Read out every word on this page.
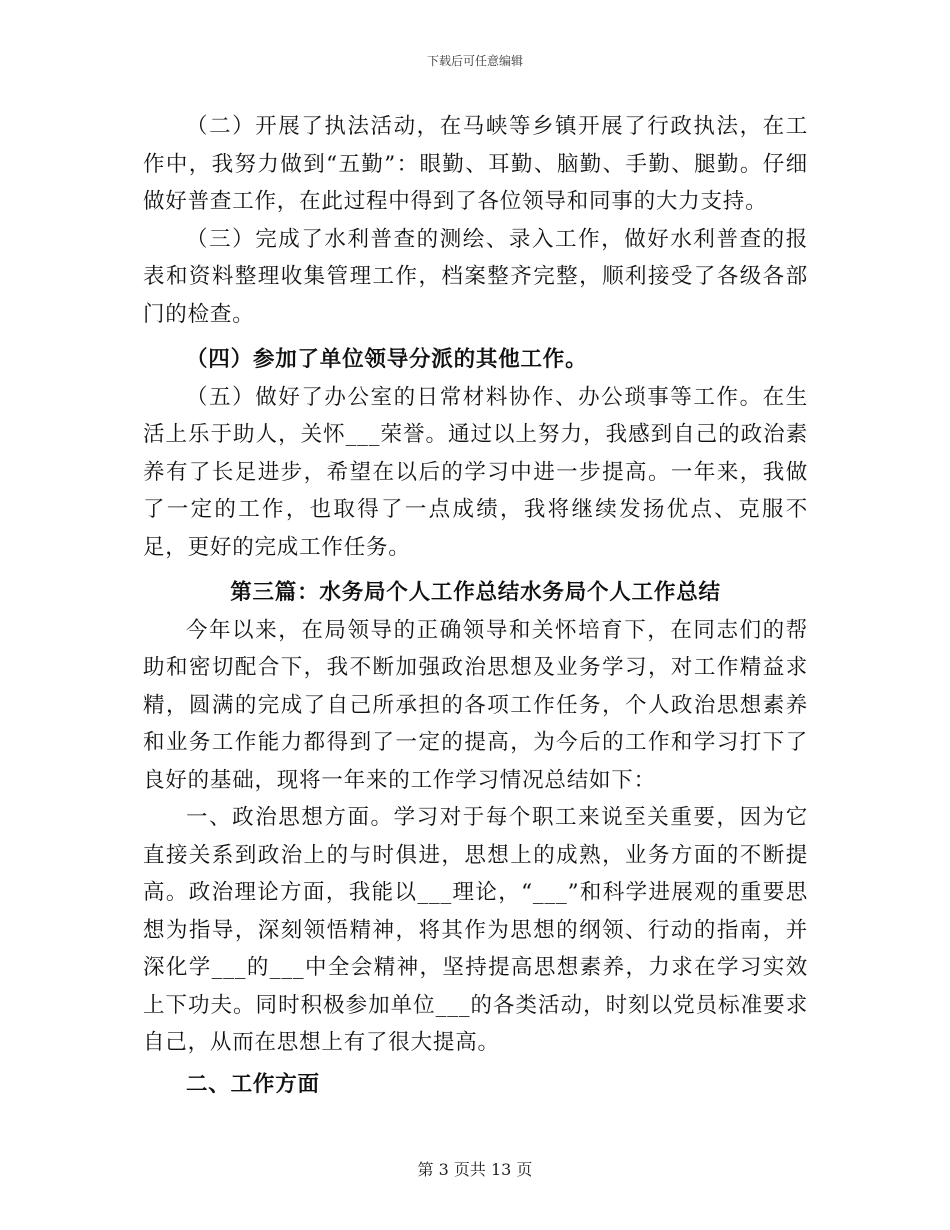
下载后可任意编辑

（二）开展了执法活动，在马峡等乡镇开展了行政执法，在工作中，我努力做到“五勤”：眼勤、耳勤、脑勤、手勤、腿勤。仔细做好普查工作，在此过程中得到了各位领导和同事的大力支持。

（三）完成了水利普查的测绘、录入工作，做好水利普查的报表和资料整理收集管理工作，档案整齐完整，顺利接受了各级各部门的检查。

（四）参加了单位领导分派的其他工作。

（五）做好了办公室的日常材料协作、办公琐事等工作。在生活上乐于助人，关怀___荣誉。通过以上努力，我感到自己的政治素养有了长足进步，希望在以后的学习中进一步提高。一年来，我做了一定的工作，也取得了一点成绩，我将继续发扬优点、克服不足，更好的完成工作任务。

第三篇：水务局个人工作总结水务局个人工作总结

今年以来，在局领导的正确领导和关怀培育下，在同志们的帮助和密切配合下，我不断加强政治思想及业务学习，对工作精益求精，圆满的完成了自己所承担的各项工作任务，个人政治思想素养和业务工作能力都得到了一定的提高，为今后的工作和学习打下了良好的基础，现将一年来的工作学习情况总结如下：

一、政治思想方面。学习对于每个职工来说至关重要，因为它直接关系到政治上的与时俱进，思想上的成熟，业务方面的不断提高。政治理论方面，我能以___理论，“___”和科学进展观的重要思想为指导，深刻领悟精神，将其作为思想的纲领、行动的指南，并深化学___的___中全会精神，坚持提高思想素养，力求在学习实效上下功夫。同时积极参加单位___的各类活动，时刻以党员标准要求自己，从而在思想上有了很大提高。

二、工作方面

第 3 页共 13 页
